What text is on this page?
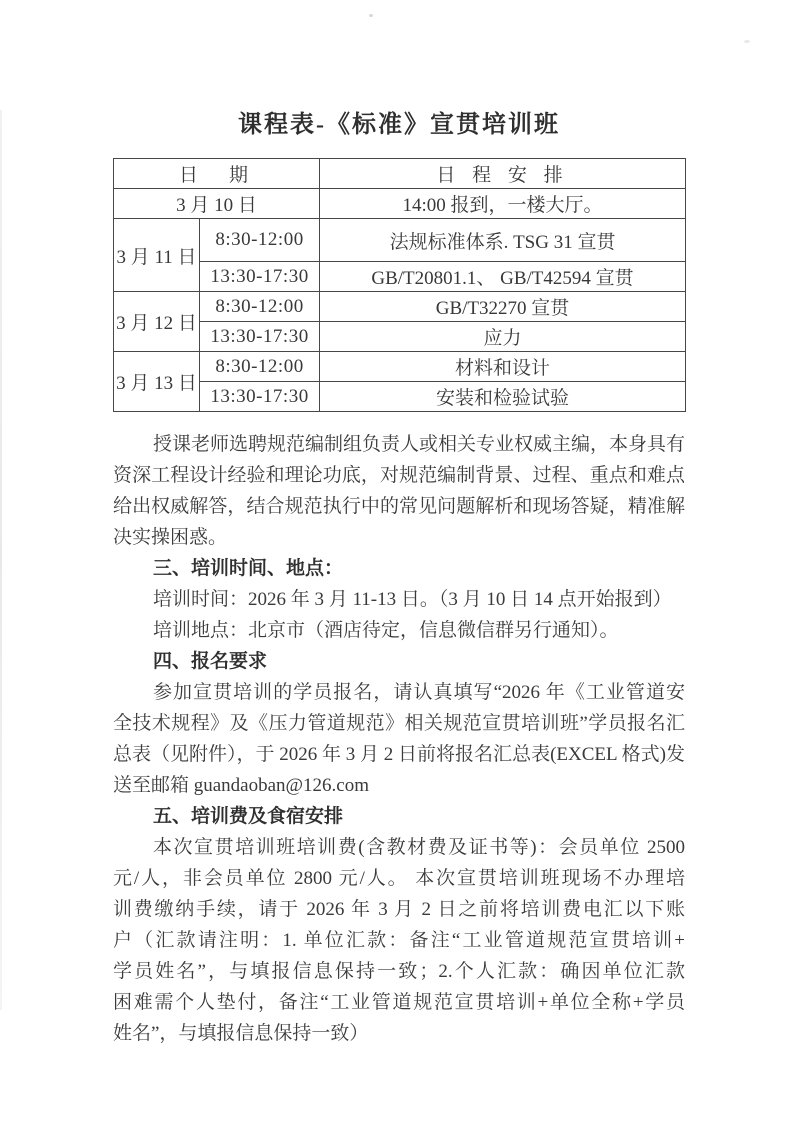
课程表-《标准》宣贯培训班
日　期		日 程 安 排
3 月 10 日		14:00 报到，一楼大厅。
3 月 11 日	8:30-12:00	法规标准体系. TSG 31 宣贯
	13:30-17:30	GB/T20801.1、 GB/T42594 宣贯
3 月 12 日	8:30-12:00	GB/T32270 宣贯
	13:30-17:30	应力
3 月 13 日	8:30-12:00	材料和设计
	13:30-17:30	安装和检验试验
授课老师选聘规范编制组负责人或相关专业权威主编，本身具有
资深工程设计经验和理论功底，对规范编制背景、过程、重点和难点
给出权威解答，结合规范执行中的常见问题解析和现场答疑，精准解
决实操困惑。
三、培训时间、地点：
培训时间：2026 年 3 月 11-13 日。（3 月 10 日 14 点开始报到）
培训地点：北京市（酒店待定，信息微信群另行通知）。
四、报名要求
参加宣贯培训的学员报名，请认真填写“2026 年《工业管道安
全技术规程》及《压力管道规范》相关规范宣贯培训班”学员报名汇
总表（见附件），于 2026 年 3 月 2 日前将报名汇总表(EXCEL 格式)发
送至邮箱 guandaoban@126.com
五、培训费及食宿安排
本次宣贯培训班培训费(含教材费及证书等)：会员单位 2500
元/人，非会员单位 2800 元/人。 本次宣贯培训班现场不办理培
训费缴纳手续，请于 2026 年 3 月 2 日之前将培训费电汇以下账
户（汇款请注明：1. 单位汇款：备注“工业管道规范宣贯培训+
学员姓名”，与填报信息保持一致；2.个人汇款：确因单位汇款
困难需个人垫付，备注“工业管道规范宣贯培训+单位全称+学员
姓名”，与填报信息保持一致）
